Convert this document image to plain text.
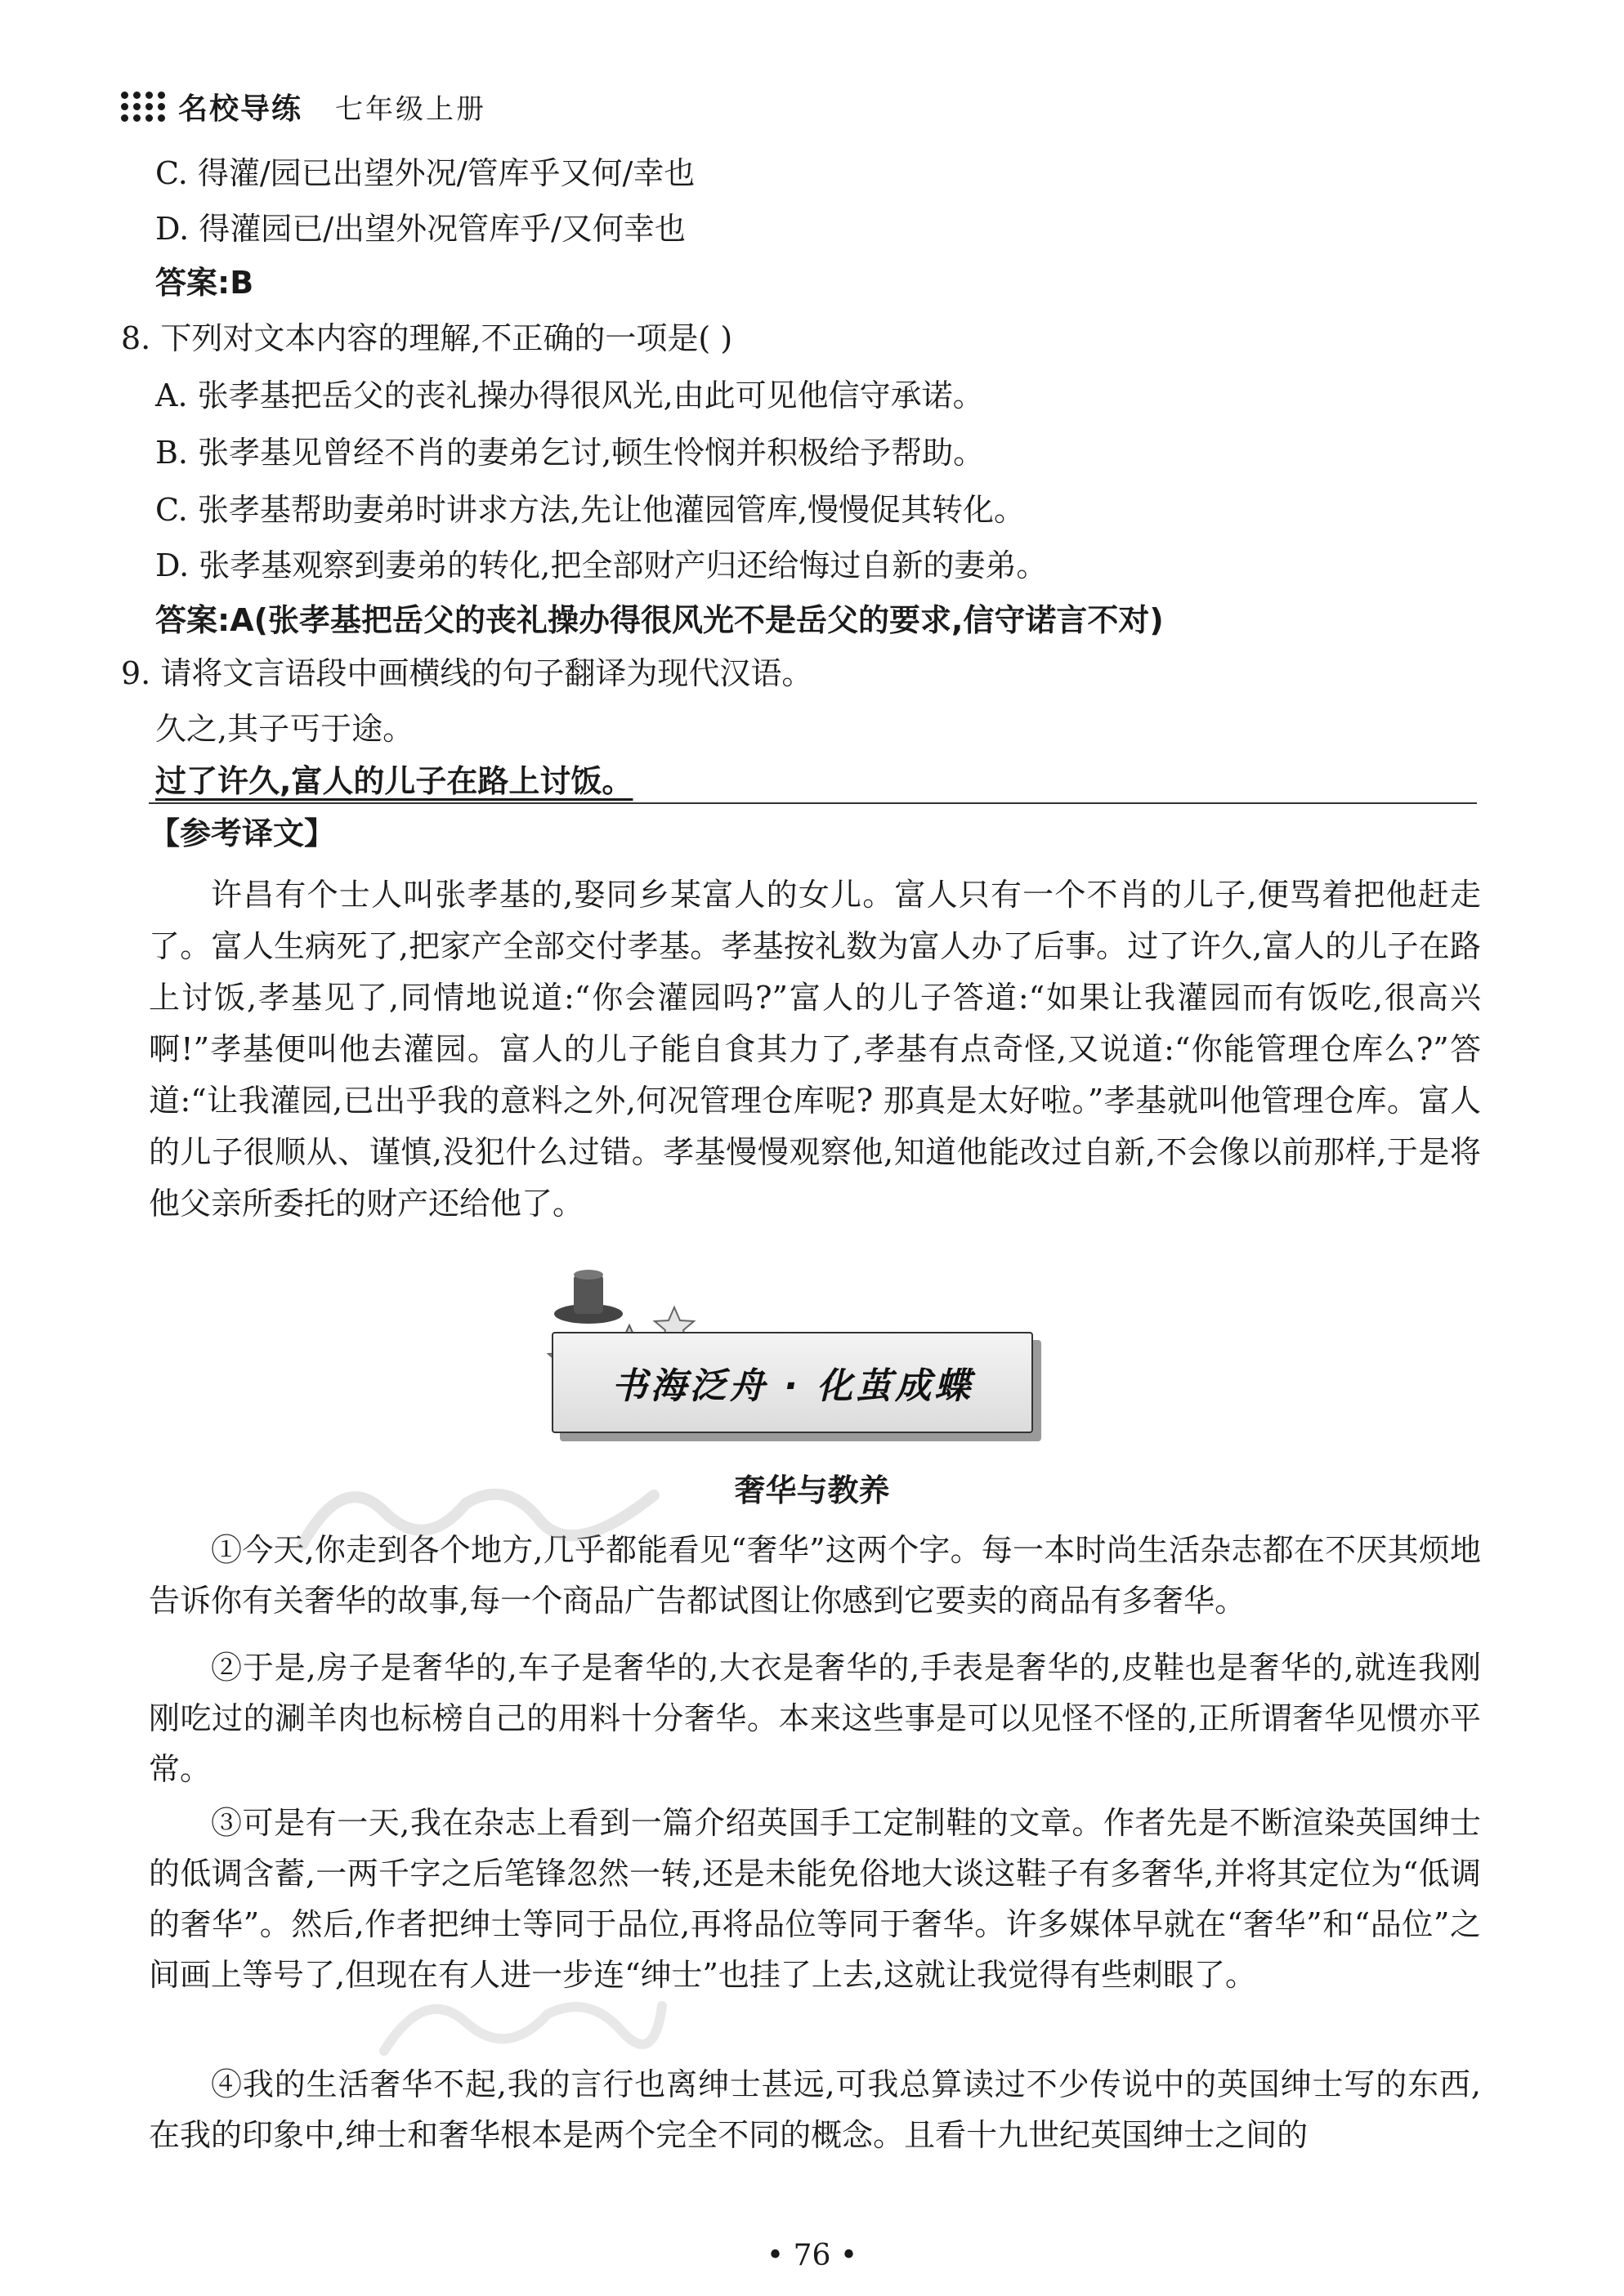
名校导练 七年级上册
C. 得灌/园已出望外况/管库乎又何/幸也
D. 得灌园已/出望外况管库乎/又何幸也
答案:B
8. 下列对文本内容的理解,不正确的一项是( )
A. 张孝基把岳父的丧礼操办得很风光,由此可见他信守承诺。
B. 张孝基见曾经不肖的妻弟乞讨,顿生怜悯并积极给予帮助。
C. 张孝基帮助妻弟时讲求方法,先让他灌园管库,慢慢促其转化。
D. 张孝基观察到妻弟的转化,把全部财产归还给悔过自新的妻弟。
答案:A(张孝基把岳父的丧礼操办得很风光不是岳父的要求,信守诺言不对)
9. 请将文言语段中画横线的句子翻译为现代汉语。
久之,其子丐于途。
过了许久,富人的儿子在路上讨饭。
【参考译文】

许昌有个士人叫张孝基的,娶同乡某富人的女儿。富人只有一个不肖的儿子,便骂着把他赶走了。富人生病死了,把家产全部交付孝基。孝基按礼数为富人办了后事。过了许久,富人的儿子在路上讨饭,孝基见了,同情地说道:“你会灌园吗?”富人的儿子答道:“如果让我灌园而有饭吃,很高兴啊!”孝基便叫他去灌园。富人的儿子能自食其力了,孝基有点奇怪,又说道:“你能管理仓库么?”答道:“让我灌园,已出乎我的意料之外,何况管理仓库呢? 那真是太好啦。”孝基就叫他管理仓库。富人的儿子很顺从、谨慎,没犯什么过错。孝基慢慢观察他,知道他能改过自新,不会像以前那样,于是将他父亲所委托的财产还给他了。

书海泛舟 · 化茧成蝶
奢华与教养

①今天,你走到各个地方,几乎都能看见“奢华”这两个字。每一本时尚生活杂志都在不厌其烦地告诉你有关奢华的故事,每一个商品广告都试图让你感到它要卖的商品有多奢华。

②于是,房子是奢华的,车子是奢华的,大衣是奢华的,手表是奢华的,皮鞋也是奢华的,就连我刚刚吃过的涮羊肉也标榜自己的用料十分奢华。本来这些事是可以见怪不怪的,正所谓奢华见惯亦平常。

③可是有一天,我在杂志上看到一篇介绍英国手工定制鞋的文章。作者先是不断渲染英国绅士的低调含蓄,一两千字之后笔锋忽然一转,还是未能免俗地大谈这鞋子有多奢华,并将其定位为“低调的奢华”。然后,作者把绅士等同于品位,再将品位等同于奢华。许多媒体早就在“奢华”和“品位”之间画上等号了,但现在有人进一步连“绅士”也挂了上去,这就让我觉得有些刺眼了。

④我的生活奢华不起,我的言行也离绅士甚远,可我总算读过不少传说中的英国绅士写的东西,在我的印象中,绅士和奢华根本是两个完全不同的概念。且看十九世纪英国绅士之间的

• 76 •
